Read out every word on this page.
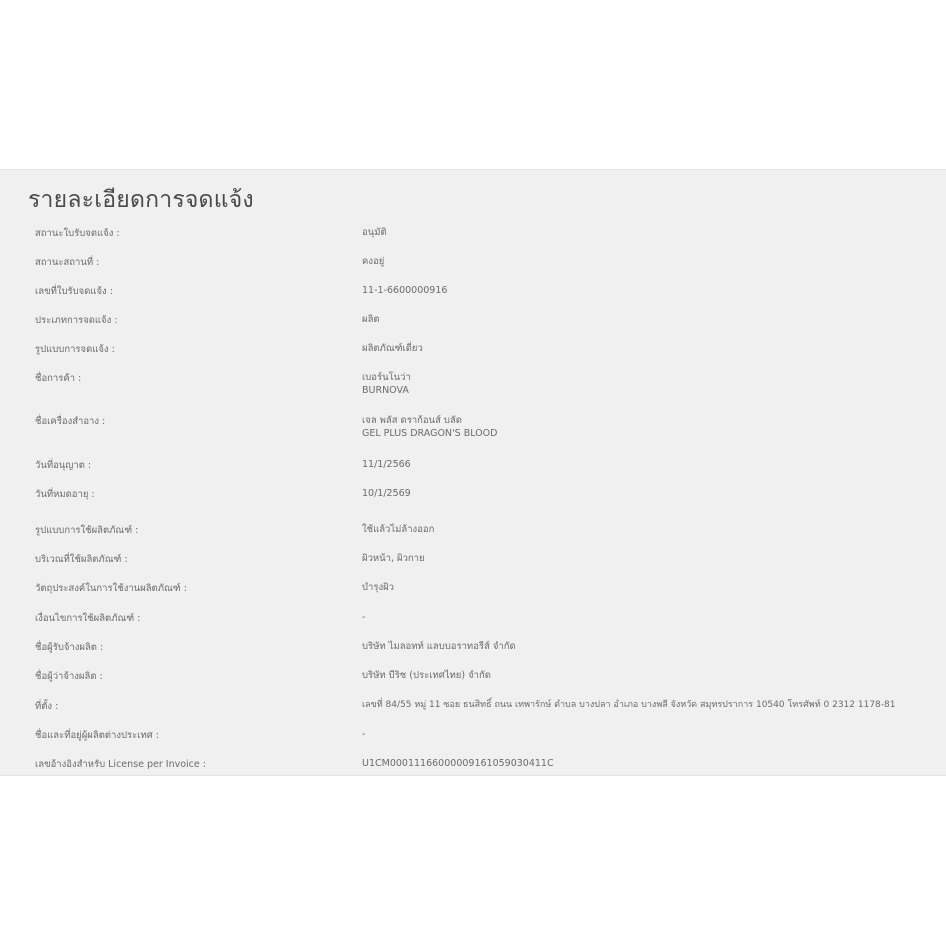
รายละเอียดการจดแจ้ง
สถานะใบรับจดแจ้ง :	อนุมัติ
สถานะสถานที่ :	คงอยู่
เลขที่ใบรับจดแจ้ง :	11-1-6600000916
ประเภทการจดแจ้ง :	ผลิต
รูปแบบการจดแจ้ง :	ผลิตภัณฑ์เดี่ยว
ชื่อการค้า :	เบอร์นโนว่า
BURNOVA
ชื่อเครื่องสำอาง :	เจล พลัส ดราก้อนส์ บลัด
GEL PLUS DRAGON'S BLOOD
วันที่อนุญาต :	11/1/2566
วันที่หมดอายุ :	10/1/2569
รูปแบบการใช้ผลิตภัณฑ์ :	ใช้แล้วไม่ล้างออก
บริเวณที่ใช้ผลิตภัณฑ์ :	ผิวหน้า, ผิวกาย
วัตถุประสงค์ในการใช้งานผลิตภัณฑ์ :	บำรุงผิว
เงื่อนไขการใช้ผลิตภัณฑ์ :	-
ชื่อผู้รับจ้างผลิต :	บริษัท ไมลอทท์ แลบบอราทอรีส์ จำกัด
ชื่อผู้ว่าจ้างผลิต :	บริษัท บีริช (ประเทศไทย) จำกัด
ที่ตั้ง :	เลขที่ 84/55 หมู่ 11 ซอย ธนสิทธิ์ ถนน เทพารักษ์ ตำบล บางปลา อำเภอ บางพลี จังหวัด สมุทรปราการ 10540 โทรศัพท์ 0 2312 1178-81
ชื่อและที่อยู่ผู้ผลิตต่างประเทศ :	-
เลขอ้างอิงสำหรับ License per Invoice :	U1CM000111660000091610590304​11C
